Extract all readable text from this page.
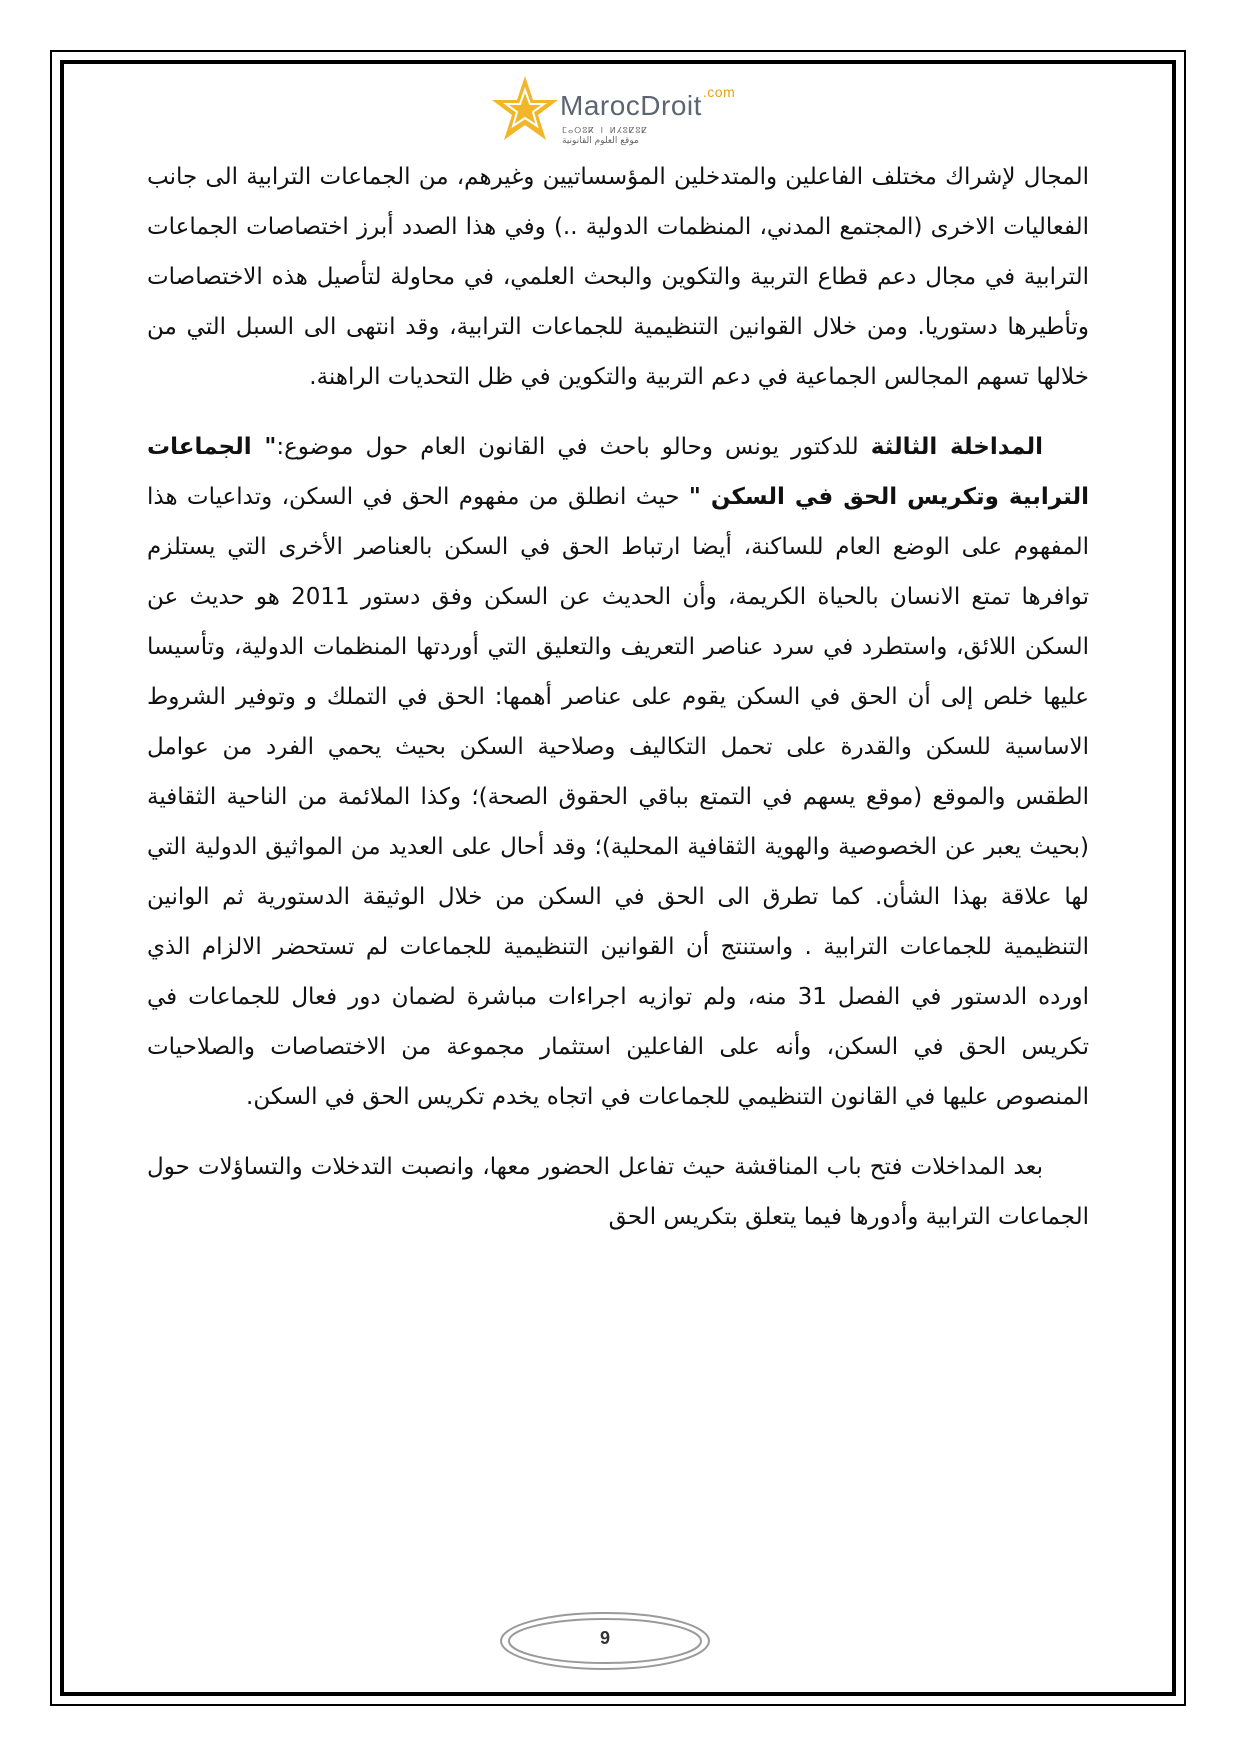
MarocDroit$^{.com}$
ⵎⴰⵔⵓⴽ ⵏ ⵍⵃⵓⵇⵓⵇ
موقع العلوم القانونية

المجال لإشراك مختلف الفاعلين والمتدخلين المؤسساتيين وغيرهم، من الجماعات الترابية الى جانب الفعاليات الاخرى (المجتمع المدني، المنظمات الدولية ..) وفي هذا الصدد أبرز اختصاصات الجماعات الترابية في مجال دعم قطاع التربية والتكوين والبحث العلمي، في محاولة لتأصيل هذه الاختصاصات وتأطيرها دستوريا. ومن خلال القوانين التنظيمية للجماعات الترابية، وقد انتهى الى السبل التي من خلالها تسهم المجالس الجماعية في دعم التربية والتكوين في ظل التحديات الراهنة.

  المداخلة الثالثة للدكتور يونس وحالو باحث في القانون العام حول موضوع:" الجماعات الترابية وتكريس الحق في السكن " حيث انطلق من مفهوم الحق في السكن، وتداعيات هذا المفهوم على الوضع العام للساكنة، أيضا ارتباط الحق في السكن بالعناصر الأخرى التي يستلزم توافرها تمتع الانسان بالحياة الكريمة، وأن الحديث عن السكن وفق دستور 2011 هو حديث عن السكن اللائق، واستطرد في سرد عناصر التعريف والتعليق التي أوردتها المنظمات الدولية، وتأسيسا عليها خلص إلى أن الحق في السكن يقوم على عناصر أهمها: الحق في التملك و وتوفير الشروط الاساسية للسكن والقدرة على تحمل التكاليف وصلاحية السكن بحيث يحمي الفرد من عوامل الطقس والموقع (موقع يسهم في التمتع بباقي الحقوق الصحة)؛ وكذا الملائمة من الناحية الثقافية (بحيث يعبر عن الخصوصية والهوية الثقافية المحلية)؛ وقد أحال على العديد من المواثيق الدولية التي لها علاقة بهذا الشأن. كما تطرق الى الحق في السكن من خلال الوثيقة الدستورية ثم الوانين التنظيمية للجماعات الترابية . واستنتج أن القوانين التنظيمية للجماعات لم تستحضر الالزام الذي اورده الدستور في الفصل 31 منه، ولم توازيه اجراءات مباشرة لضمان دور فعال للجماعات في تكريس الحق في السكن، وأنه على الفاعلين استثمار مجموعة من الاختصاصات والصلاحيات المنصوص عليها في القانون التنظيمي للجماعات في اتجاه يخدم تكريس الحق في السكن.

  بعد المداخلات فتح باب المناقشة حيث تفاعل الحضور معها، وانصبت التدخلات والتساؤلات حول الجماعات الترابية وأدورها فيما يتعلق بتكريس الحق

9
